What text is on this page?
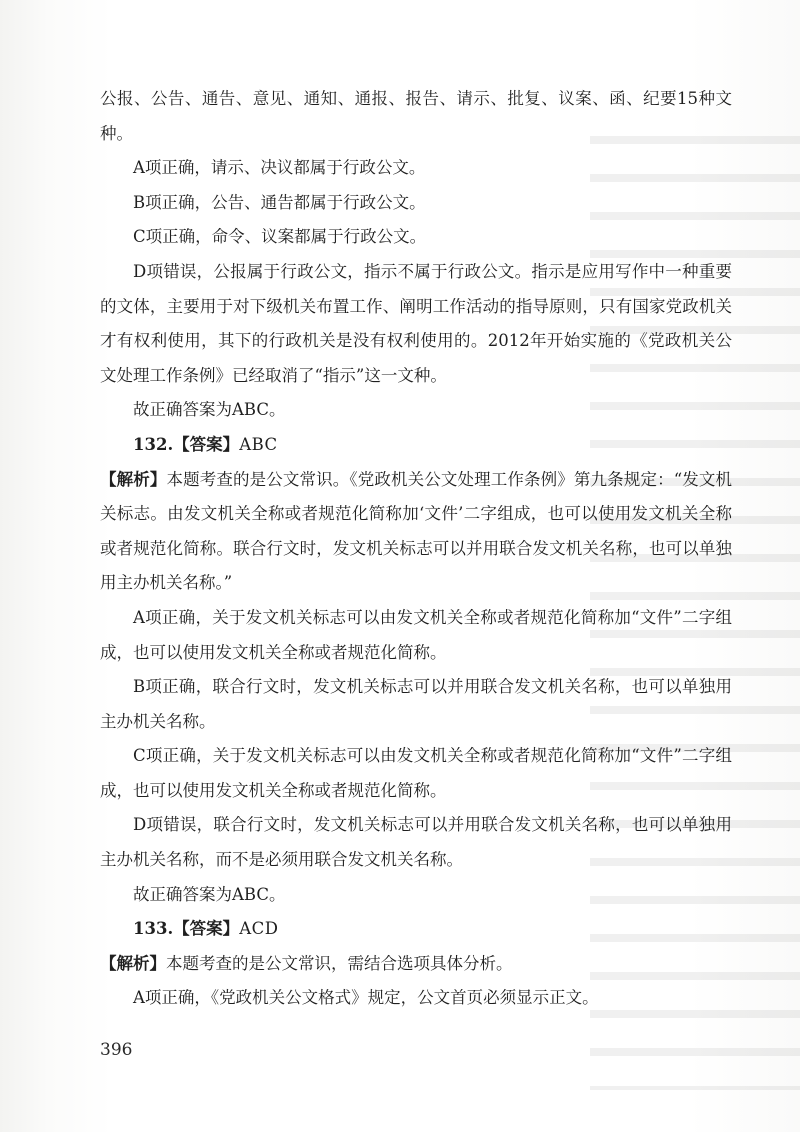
公报、公告、通告、意见、通知、通报、报告、请示、批复、议案、函、纪要15种文种。

A项正确，请示、决议都属于行政公文。

B项正确，公告、通告都属于行政公文。

C项正确，命令、议案都属于行政公文。

D项错误，公报属于行政公文，指示不属于行政公文。指示是应用写作中一种重要的文体，主要用于对下级机关布置工作、阐明工作活动的指导原则，只有国家党政机关才有权利使用，其下的行政机关是没有权利使用的。2012年开始实施的《党政机关公文处理工作条例》已经取消了“指示”这一文种。

故正确答案为ABC。

132.【答案】ABC

【解析】本题考查的是公文常识。《党政机关公文处理工作条例》第九条规定：“发文机关标志。由发文机关全称或者规范化简称加‘文件’二字组成，也可以使用发文机关全称或者规范化简称。联合行文时，发文机关标志可以并用联合发文机关名称，也可以单独用主办机关名称。”

A项正确，关于发文机关标志可以由发文机关全称或者规范化简称加“文件”二字组成，也可以使用发文机关全称或者规范化简称。

B项正确，联合行文时，发文机关标志可以并用联合发文机关名称，也可以单独用主办机关名称。

C项正确，关于发文机关标志可以由发文机关全称或者规范化简称加“文件”二字组成，也可以使用发文机关全称或者规范化简称。

D项错误，联合行文时，发文机关标志可以并用联合发文机关名称，也可以单独用主办机关名称，而不是必须用联合发文机关名称。

故正确答案为ABC。

133.【答案】ACD

【解析】本题考查的是公文常识，需结合选项具体分析。

A项正确，《党政机关公文格式》规定，公文首页必须显示正文。

396
